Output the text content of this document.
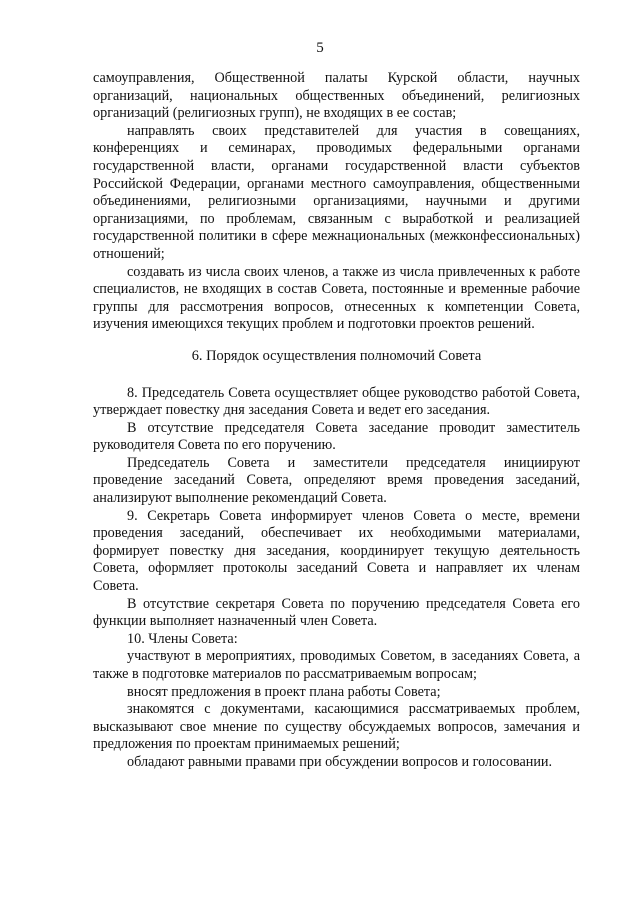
5

самоуправления, Общественной палаты Курской области, научных организаций, национальных общественных объединений, религиозных организаций (религиозных групп), не входящих в ее состав;

направлять своих представителей для участия в совещаниях, конференциях и семинарах, проводимых федеральными органами государственной власти, органами государственной власти субъектов Российской Федерации, органами местного самоуправления, общественными объединениями, религиозными организациями, научными и другими организациями, по проблемам, связанным с выработкой и реализацией государственной политики в сфере межнациональных (межконфессиональных) отношений;

создавать из числа своих членов, а также из числа привлеченных к работе специалистов, не входящих в состав Совета, постоянные и временные рабочие группы для рассмотрения вопросов, отнесенных к компетенции Совета, изучения имеющихся текущих проблем и подготовки проектов решений.

6. Порядок осуществления полномочий Совета

8. Председатель Совета осуществляет общее руководство работой Совета, утверждает повестку дня заседания Совета и ведет его заседания.

В отсутствие председателя Совета заседание проводит заместитель руководителя Совета по его поручению.

Председатель Совета и заместители председателя инициируют проведение заседаний Совета, определяют время проведения заседаний, анализируют выполнение рекомендаций Совета.

9. Секретарь Совета информирует членов Совета о месте, времени проведения заседаний, обеспечивает их необходимыми материалами, формирует повестку дня заседания, координирует текущую деятельность Совета, оформляет протоколы заседаний Совета и направляет их членам Совета.

В отсутствие секретаря Совета по поручению председателя Совета его функции выполняет назначенный член Совета.

10. Члены Совета:

участвуют в мероприятиях, проводимых Советом, в заседаниях Совета, а также в подготовке материалов по рассматриваемым вопросам;

вносят предложения в проект плана работы Совета;

знакомятся с документами, касающимися рассматриваемых проблем, высказывают свое мнение по существу обсуждаемых вопросов, замечания и предложения по проектам принимаемых решений;

обладают равными правами при обсуждении вопросов и голосовании.
